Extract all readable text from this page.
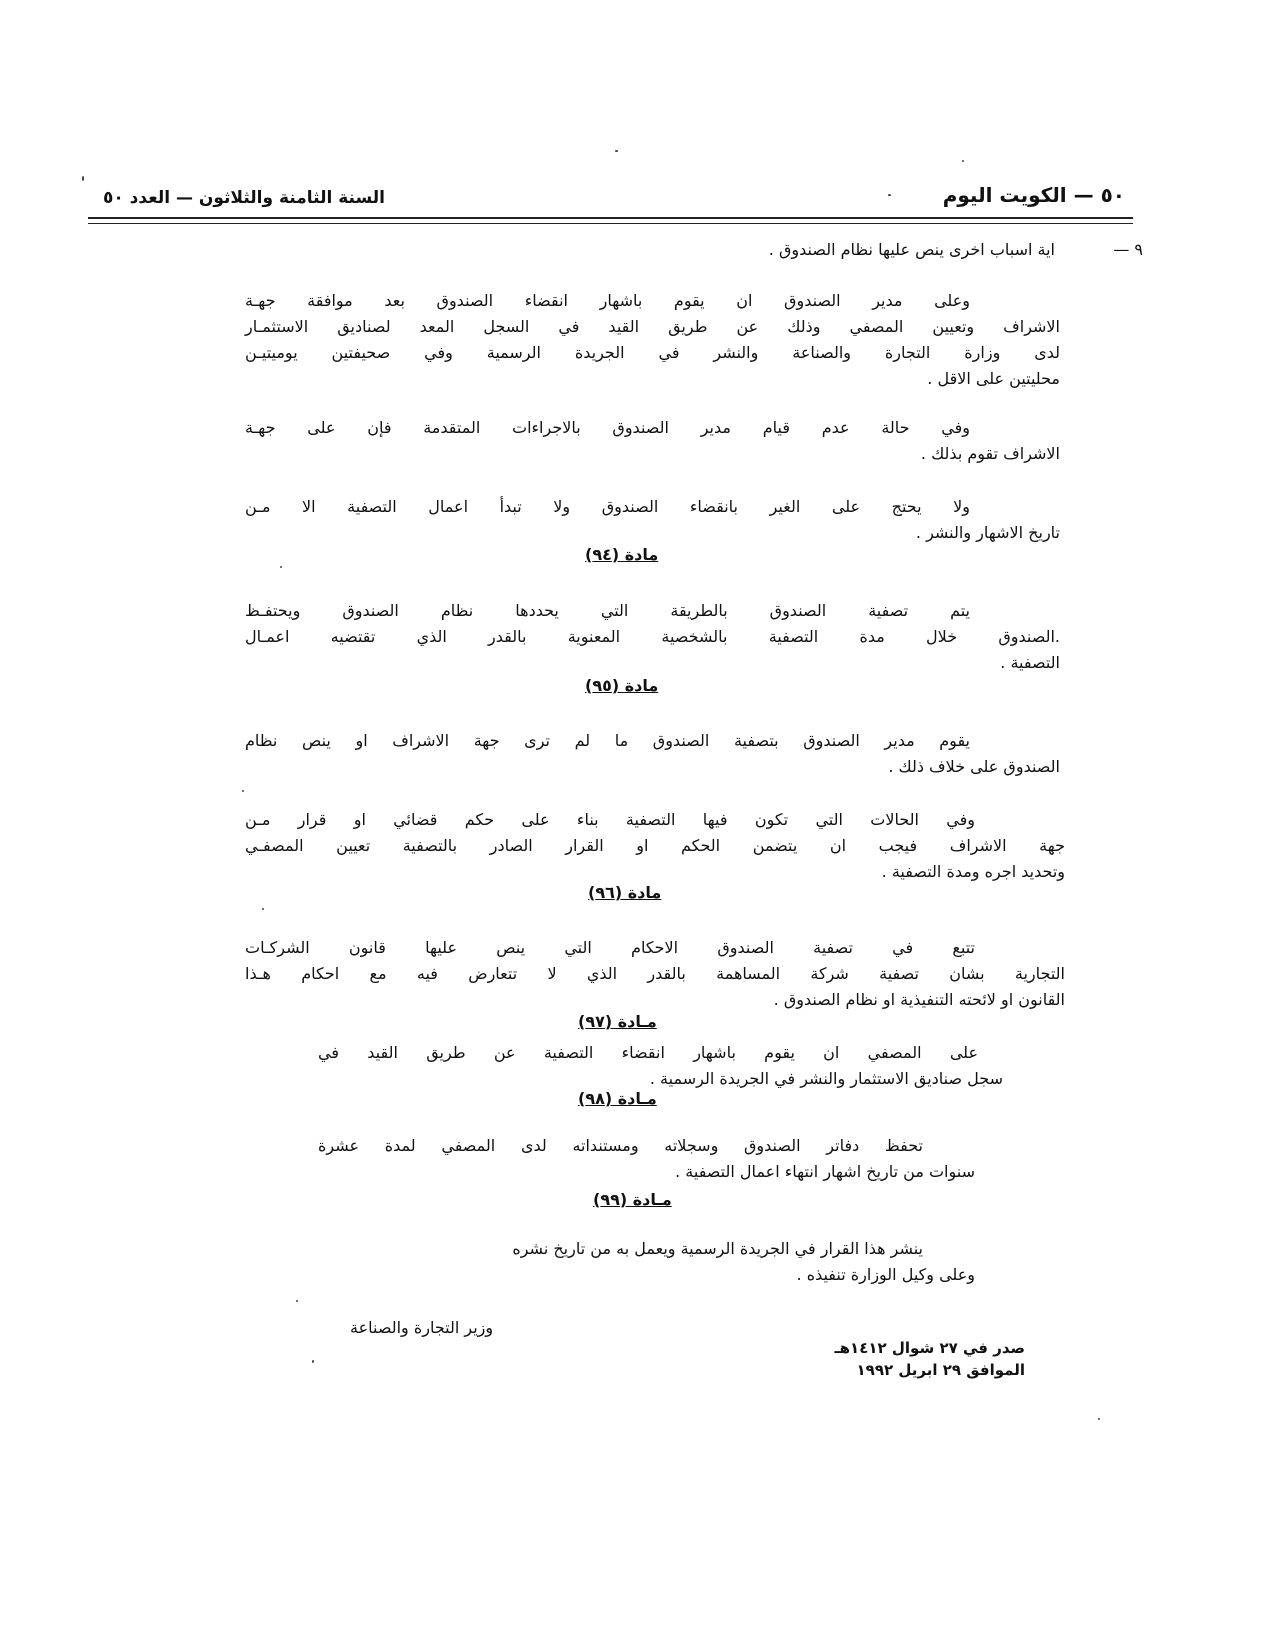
٥٠ — الكويت اليوم
السنة الثامنة والثلاثون — العدد ٥٠
٩ —
اية اسباب اخرى ينص عليها نظام الصندوق .

وعلى مدير الصندوق ان يقوم باشهار انقضاء الصندوق بعد موافقة جهـة

الاشراف وتعيين المصفي وذلك عن طريق القيد في السجل المعد لصناديق الاستثمـار

لدى وزارة التجارة والصناعة والنشر في الجريدة الرسمية وفي صحيفتين يوميتيـن

محليتين على الاقل .

وفي حالة عدم قيام مدير الصندوق بالاجراءات المتقدمة فإن على جهـة

الاشراف تقوم بذلك .

ولا يحتج على الغير بانقضاء الصندوق ولا تبدأ اعمال التصفية الا مـن

تاريخ الاشهار والنشر .

مادة (٩٤)

يتم تصفية الصندوق بالطريقة التي يحددها نظام الصندوق ويحتفـظ

.الصندوق خلال مدة التصفية بالشخصية المعنوية بالقدر الذي تقتضيه اعمـال

التصفية .

مادة (٩٥)

يقوم مدير الصندوق بتصفية الصندوق ما لم ترى جهة الاشراف او ينص نظام

الصندوق على خلاف ذلك .

وفي الحالات التي تكون فيها التصفية بناء على حكم قضائي او قرار مـن

جهة الاشراف فيجب ان يتضمن الحكم او القرار الصادر بالتصفية تعيين المصفـي

وتحديد اجره ومدة التصفية .

مادة (٩٦)

تتبع في تصفية الصندوق الاحكام التي ينص عليها قانون الشركـات

التجارية بشان تصفية شركة المساهمة بالقدر الذي لا تتعارض فيه مع احكام هـذا

القانون او لائحته التنفيذية او نظام الصندوق .

مـادة (٩٧)

على المصفي ان يقوم باشهار انقضاء التصفية عن طريق القيد في

سجل صناديق الاستثمار والنشر في الجريدة الرسمية .

مـادة (٩٨)

تحفظ دفاتر الصندوق وسجلاته ومستنداته لدى المصفي لمدة عشرة

سنوات من تاريخ اشهار انتهاء اعمال التصفية .

مـادة (٩٩)

ينشر هذا القرار في الجريدة الرسمية ويعمل به من تاريخ نشره

وعلى وكيل الوزارة تنفيذه .

وزير التجارة والصناعة
صدر في ٢٧ شوال ١٤١٢هـ
الموافق ٢٩ ابريل ١٩٩٢
